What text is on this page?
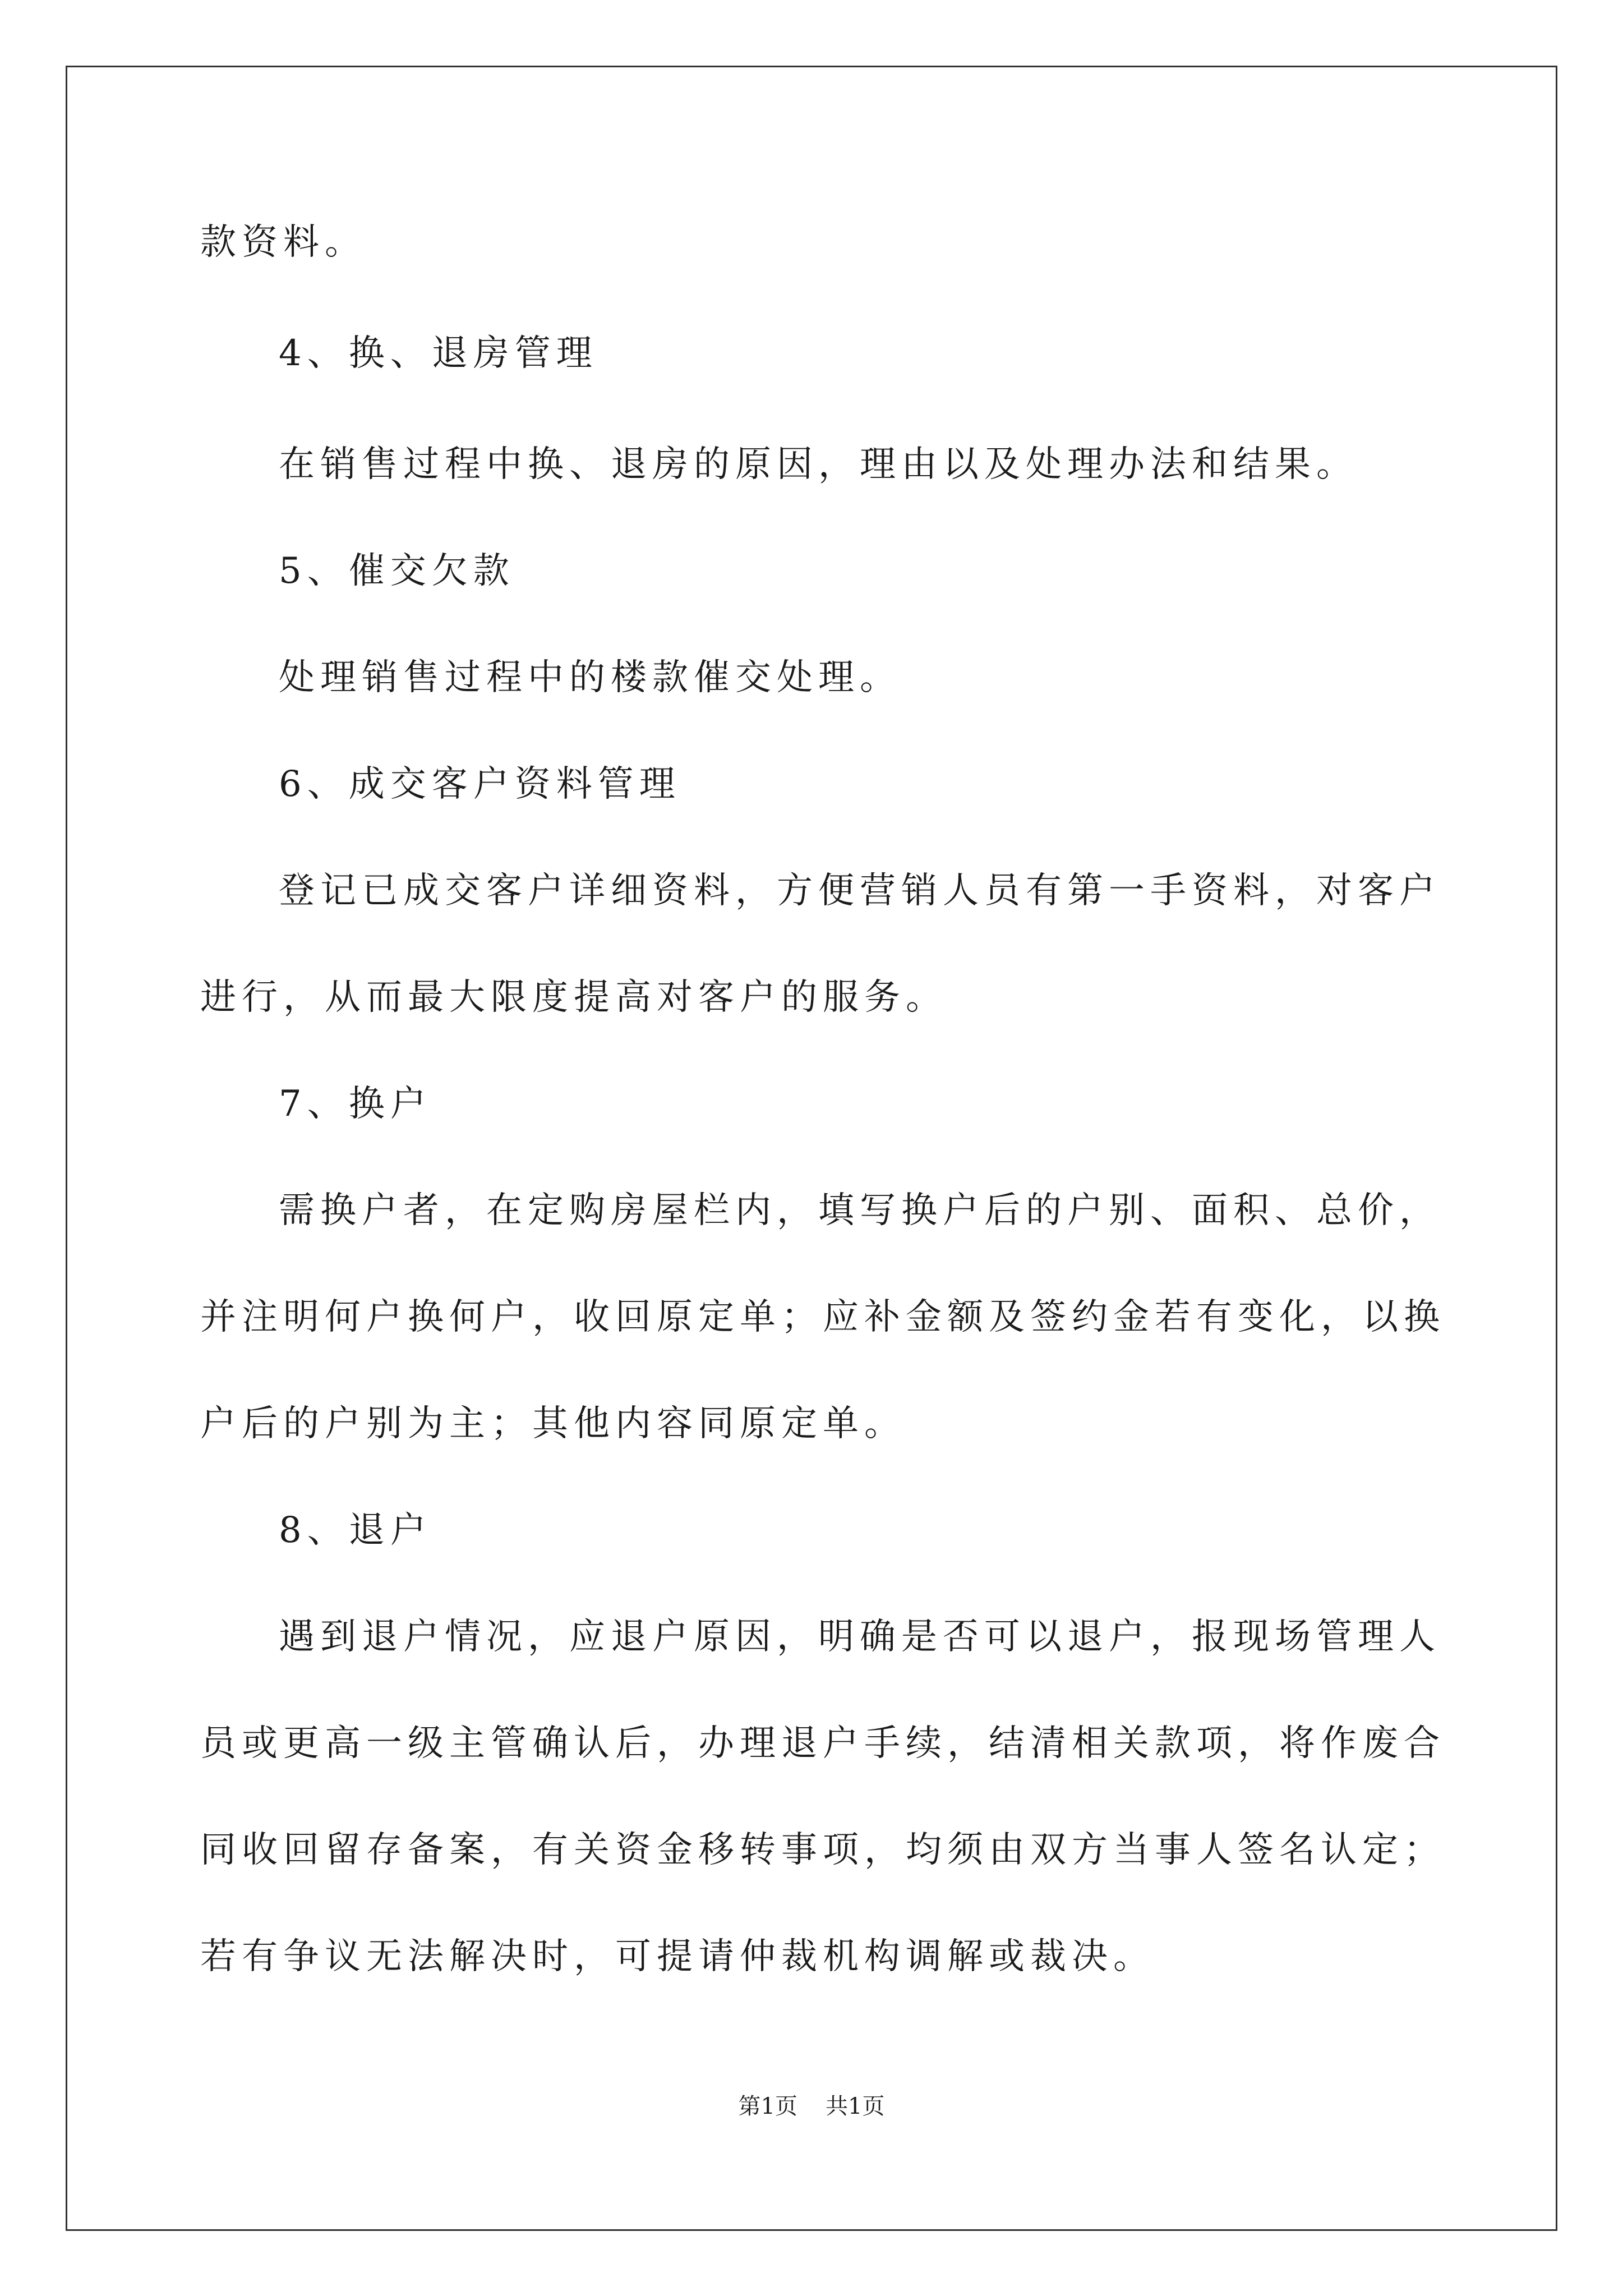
款资料。
4、换、退房管理
在销售过程中换、退房的原因，理由以及处理办法和结果。
5、催交欠款
处理销售过程中的楼款催交处理。
6、成交客户资料管理
登记已成交客户详细资料，方便营销人员有第一手资料，对客户
进行，从而最大限度提高对客户的服务。
7、换户
需换户者，在定购房屋栏内，填写换户后的户别、面积、总价，
并注明何户换何户，收回原定单；应补金额及签约金若有变化，以换
户后的户别为主；其他内容同原定单。
8、退户
遇到退户情况，应退户原因，明确是否可以退户，报现场管理人
员或更高一级主管确认后，办理退户手续，结清相关款项，将作废合
同收回留存备案，有关资金移转事项，均须由双方当事人签名认定；
若有争议无法解决时，可提请仲裁机构调解或裁决。
第1页 共1页
